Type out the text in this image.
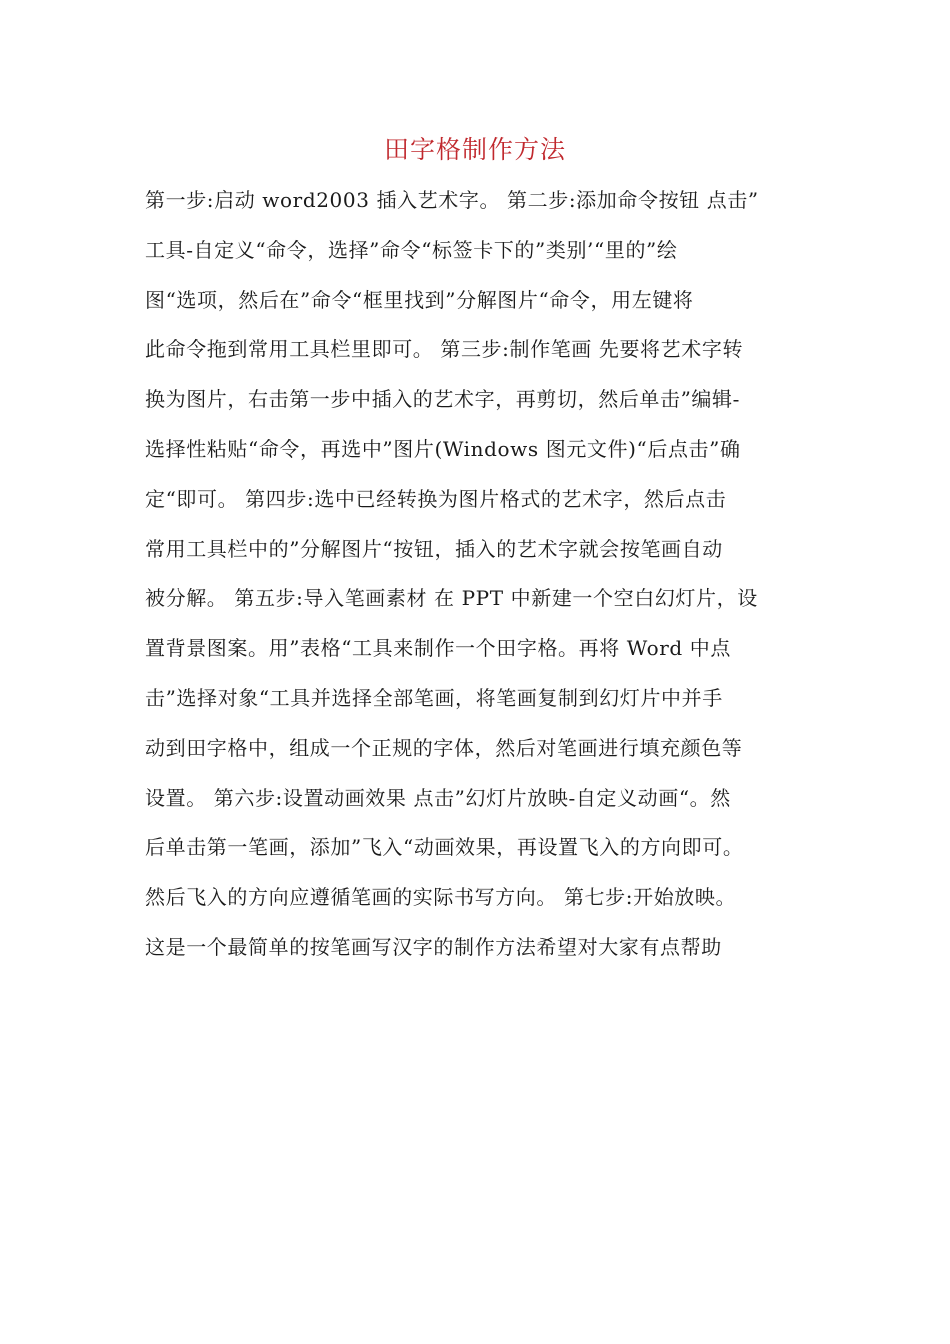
田字格制作方法
第一步:启动 word2003 插入艺术字。 第二步:添加命令按钮 点击”
工具-自定义“命令，选择”命令“标签卡下的”类别’“里的”绘
图“选项，然后在”命令“框里找到”分解图片“命令，用左键将
此命令拖到常用工具栏里即可。 第三步:制作笔画 先要将艺术字转
换为图片，右击第一步中插入的艺术字，再剪切，然后单击”编辑-
选择性粘贴“命令，再选中”图片(Windows 图元文件)“后点击”确
定“即可。 第四步:选中已经转换为图片格式的艺术字，然后点击
常用工具栏中的”分解图片“按钮，插入的艺术字就会按笔画自动
被分解。 第五步:导入笔画素材 在 PPT 中新建一个空白幻灯片，设
置背景图案。用”表格“工具来制作一个田字格。再将 Word 中点
击”选择对象“工具并选择全部笔画，将笔画复制到幻灯片中并手
动到田字格中，组成一个正规的字体，然后对笔画进行填充颜色等
设置。 第六步:设置动画效果 点击”幻灯片放映-自定义动画“。然
后单击第一笔画，添加”飞入“动画效果，再设置飞入的方向即可。
然后飞入的方向应遵循笔画的实际书写方向。 第七步:开始放映。
这是一个最简单的按笔画写汉字的制作方法希望对大家有点帮助
